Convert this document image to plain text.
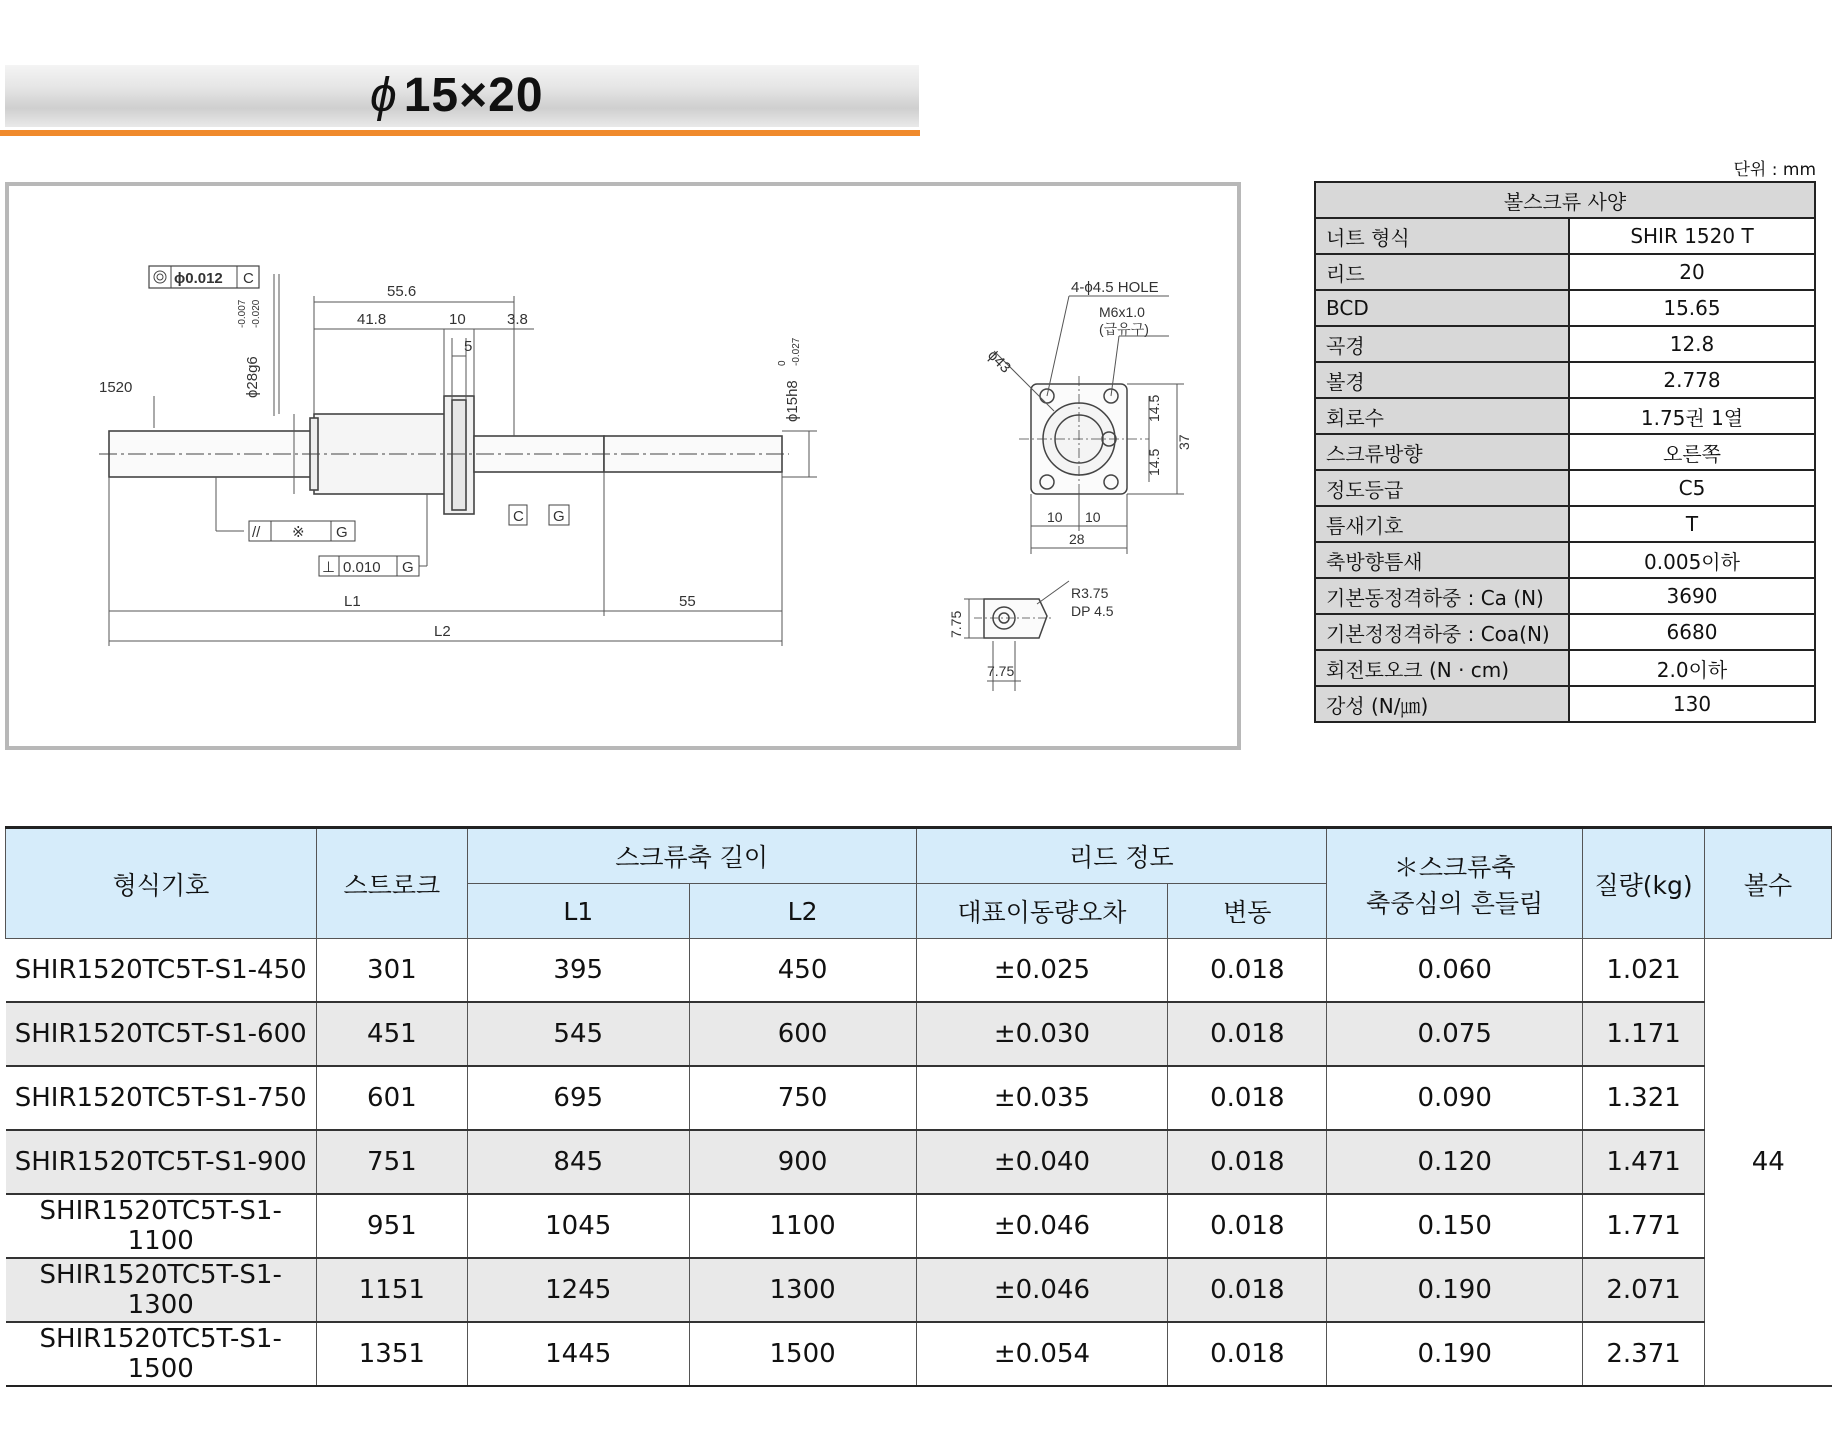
ϕ 15×20
단위 : mm
ϕ0.012 C
55.6
41.8	10	3.8
5
ϕ28g6
-0.007 -0.020
ϕ15h8
0 -0.027
1520
C G
// ※ G
⊥ 0.010 G
L1	55
L2
4-ϕ4.5 HOLE
M6x1.0
(급유구)
ϕ43
14.5
14.5
37
10 10
28
R3.75
DP 4.5
7.75
7.75
볼스크류 사양	
너트 형식	SHIR 1520 T
리드	20
BCD	15.65
곡경	12.8
볼경	2.778
회로수	1.75권 1열
스크류방향	오른쪽
정도등급	C5
틈새기호	T
축방향틈새	0.005이하
기본동정격하중 : Ca (N)	3690
기본정정격하중 : Coa(N)	6680
회전토오크 (N · cm)	2.0이하
강성 (N/㎛)	130
형식기호	스트로크	스크류축 길이		리드 정도		＊스크류축
축중심의 흔들림	질량(kg)	볼수
		L1	L2	대표이동량오차	변동			
SHIR1520TC5T-S1-450	301	395	450	±0.025	0.018	0.060	1.021	44
SHIR1520TC5T-S1-600	451	545	600	±0.030	0.018	0.075	1.171	
SHIR1520TC5T-S1-750	601	695	750	±0.035	0.018	0.090	1.321	
SHIR1520TC5T-S1-900	751	845	900	±0.040	0.018	0.120	1.471	
SHIR1520TC5T-S1-1100	951	1045	1100	±0.046	0.018	0.150	1.771	
SHIR1520TC5T-S1-1300	1151	1245	1300	±0.046	0.018	0.190	2.071	
SHIR1520TC5T-S1-1500	1351	1445	1500	±0.054	0.018	0.190	2.371	
